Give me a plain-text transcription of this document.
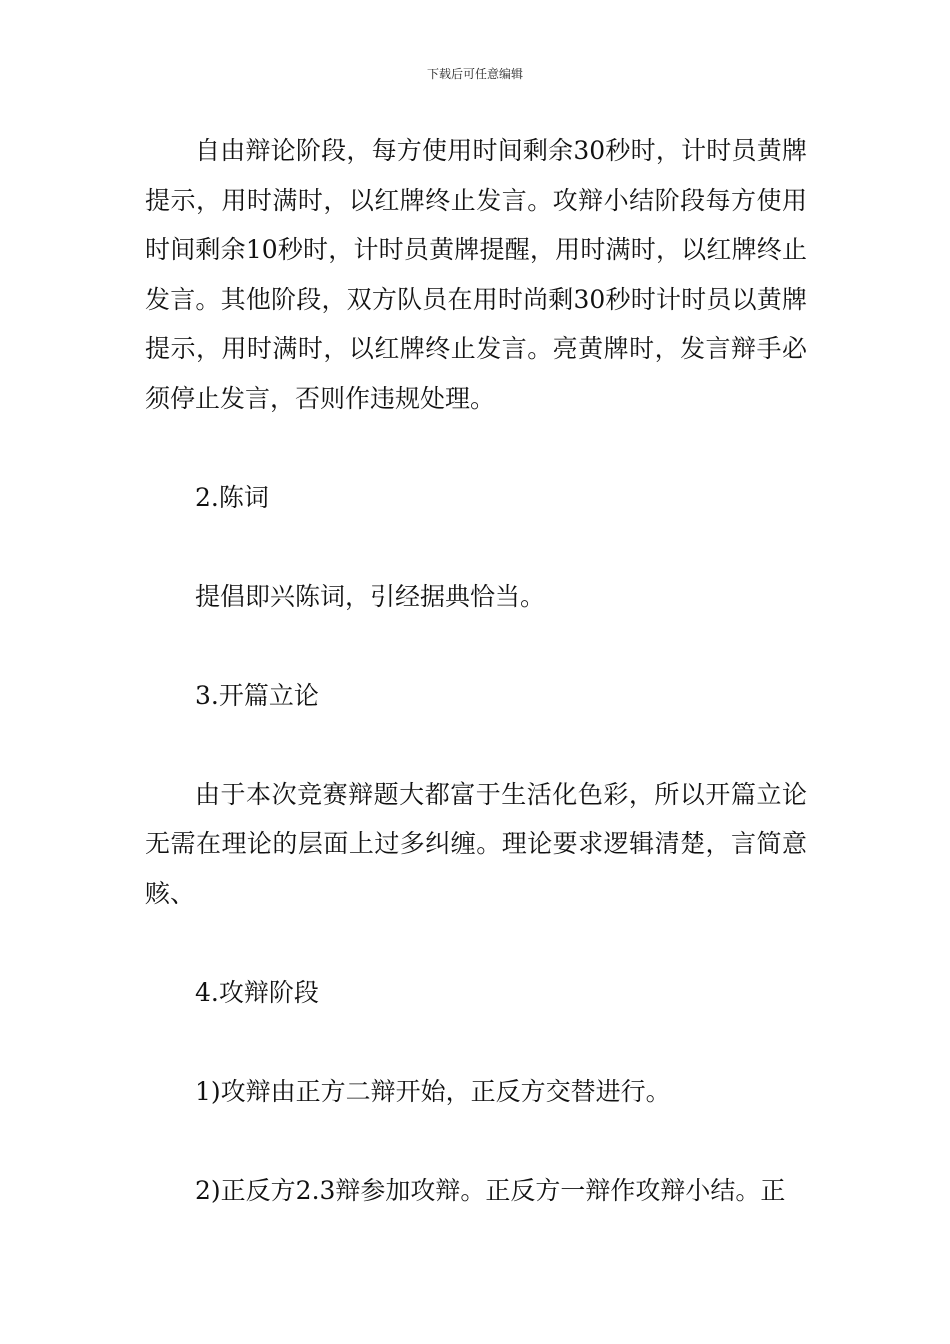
下载后可任意编辑

自由辩论阶段，每方使用时间剩余30秒时，计时员黄牌提示，用时满时，以红牌终止发言。攻辩小结阶段每方使用时间剩余10秒时，计时员黄牌提醒，用时满时，以红牌终止发言。其他阶段，双方队员在用时尚剩30秒时计时员以黄牌提示，用时满时，以红牌终止发言。亮黄牌时，发言辩手必须停止发言，否则作违规处理。

2.陈词

提倡即兴陈词，引经据典恰当。

3.开篇立论

由于本次竞赛辩题大都富于生活化色彩，所以开篇立论无需在理论的层面上过多纠缠。理论要求逻辑清楚，言简意赅、

4.攻辩阶段

1)攻辩由正方二辩开始，正反方交替进行。

2)正反方2.3辩参加攻辩。正反方一辩作攻辩小结。正
